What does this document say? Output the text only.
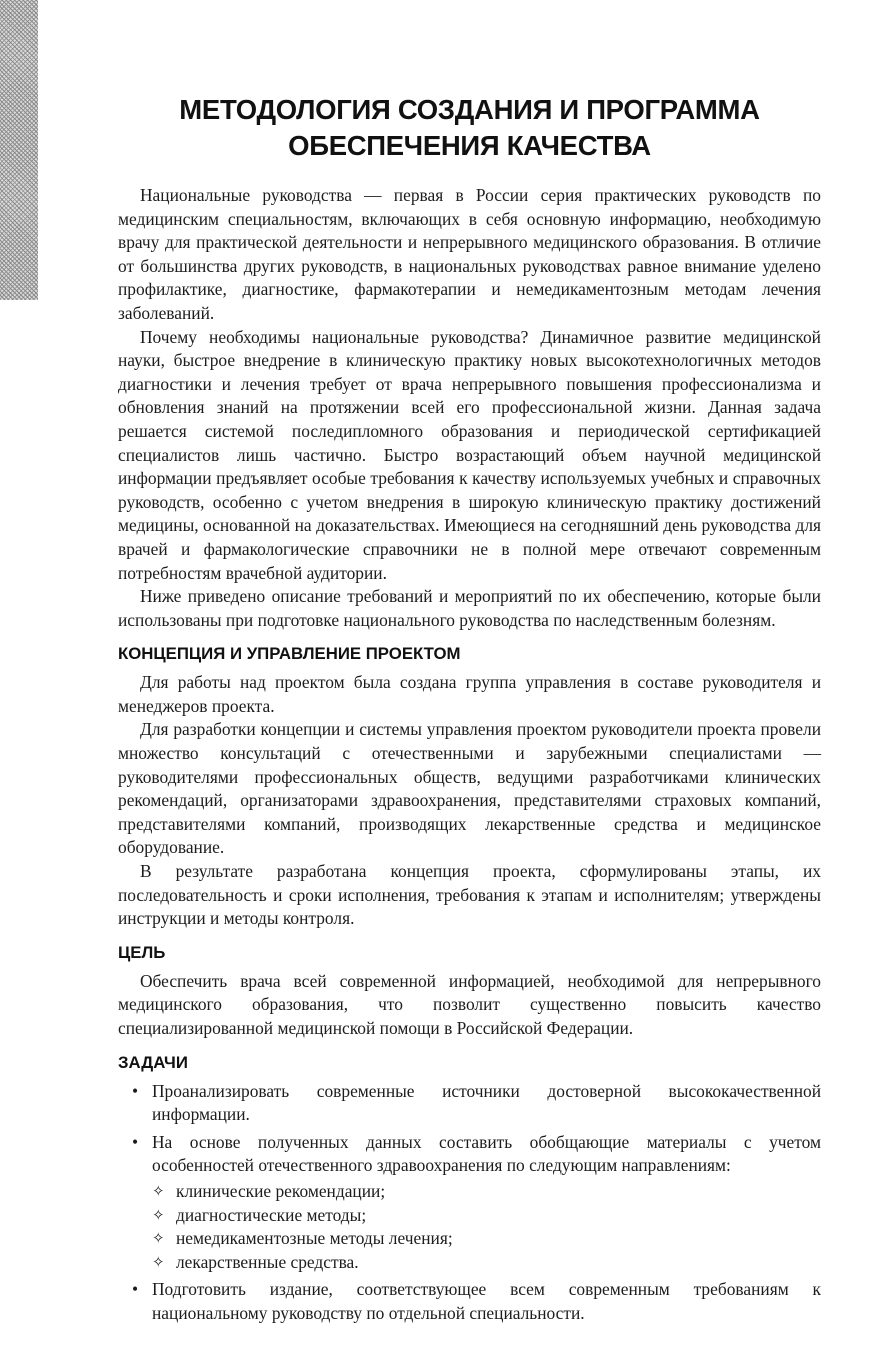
МЕТОДОЛОГИЯ СОЗДАНИЯ И ПРОГРАММА
ОБЕСПЕЧЕНИЯ КАЧЕСТВА

Национальные руководства — первая в России серия практических руководств по медицинским специальностям, включающих в себя основную информацию, необходимую врачу для практической деятельности и непрерывного медицинского образования. В отличие от большинства других руководств, в национальных руководствах равное внимание уделено профилактике, диагностике, фармакотерапии и немедикаментозным методам лечения заболеваний.

Почему необходимы национальные руководства? Динамичное развитие медицинской науки, быстрое внедрение в клиническую практику новых высокотехнологичных методов диагностики и лечения требует от врача непрерывного повышения профессионализма и обновления знаний на протяжении всей его профессиональной жизни. Данная задача решается системой последипломного образования и периодической сертификацией специалистов лишь частично. Быстро возрастающий объем научной медицинской информации предъявляет особые требования к качеству используемых учебных и справочных руководств, особенно с учетом внедрения в широкую клиническую практику достижений медицины, основанной на доказательствах. Имеющиеся на сегодняшний день руководства для врачей и фармакологические справочники не в полной мере отвечают современным потребностям врачебной аудитории.

Ниже приведено описание требований и мероприятий по их обеспечению, которые были использованы при подготовке национального руководства по наследственным болезням.

КОНЦЕПЦИЯ И УПРАВЛЕНИЕ ПРОЕКТОМ

Для работы над проектом была создана группа управления в составе руководителя и менеджеров проекта.

Для разработки концепции и системы управления проектом руководители проекта провели множество консультаций с отечественными и зарубежными специалистами — руководителями профессиональных обществ, ведущими разработчиками клинических рекомендаций, организаторами здравоохранения, представителями страховых компаний, представителями компаний, производящих лекарственные средства и медицинское оборудование.

В результате разработана концепция проекта, сформулированы этапы, их последовательность и сроки исполнения, требования к этапам и исполнителям; утверждены инструкции и методы контроля.

ЦЕЛЬ

Обеспечить врача всей современной информацией, необходимой для непрерывного медицинского образования, что позволит существенно повысить качество специализированной медицинской помощи в Российской Федерации.

ЗАДАЧИ
• Проанализировать современные источники достоверной высококачественной информации.
• На основе полученных данных составить обобщающие материалы с учетом особенностей отечественного здравоохранения по следующим направлениям:
✧ клинические рекомендации;
✧ диагностические методы;
✧ немедикаментозные методы лечения;
✧ лекарственные средства.
• Подготовить издание, соответствующее всем современным требованиям к национальному руководству по отдельной специальности.
